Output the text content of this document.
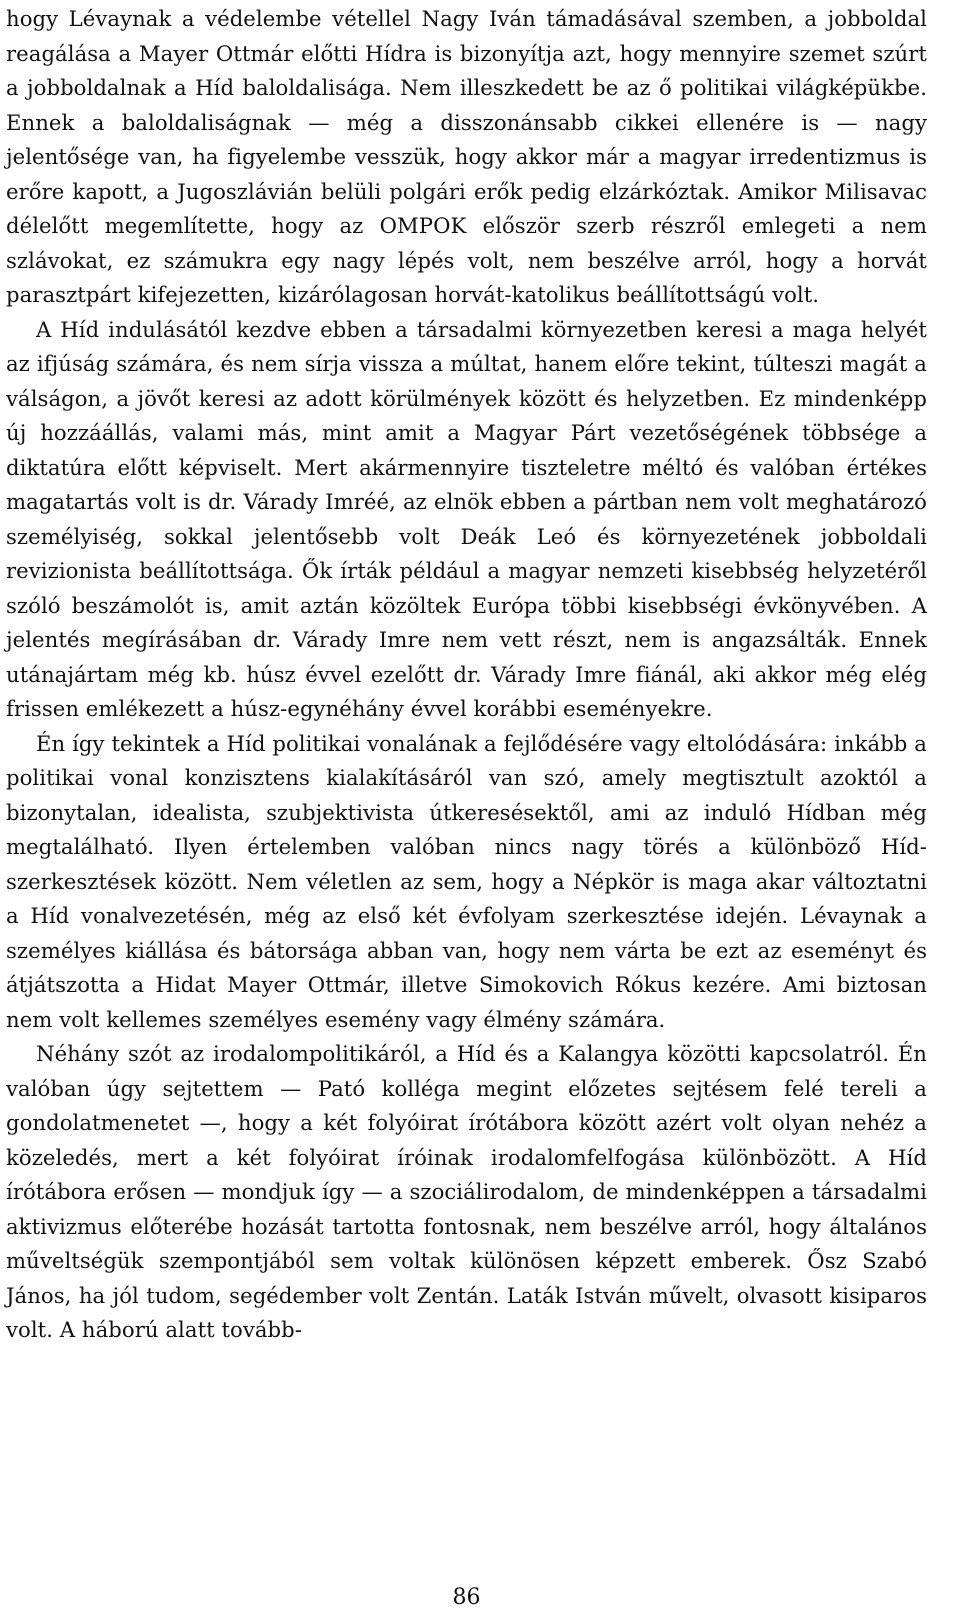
hogy Lévaynak a védelembe vétellel Nagy Iván támadásával szemben, a jobboldal reagálása a Mayer Ottmár előtti Hídra is bizonyítja azt, hogy mennyire szemet szúrt a jobboldalnak a Híd baloldalisága. Nem illeszkedett be az ő politikai világképükbe. Ennek a baloldaliságnak — még a disszonánsabb cikkei ellenére is — nagy jelentősége van, ha figyelembe vesszük, hogy akkor már a magyar irredentizmus is erőre kapott, a Jugoszlávián belüli polgári erők pedig elzárkóztak. Amikor Milisavac délelőtt megemlítette, hogy az OMPOK először szerb részről emlegeti a nem szlávokat, ez számukra egy nagy lépés volt, nem beszélve arról, hogy a horvát parasztpárt kifejezetten, kizárólagosan horvát-katolikus beállítottságú volt.

A Híd indulásától kezdve ebben a társadalmi környezetben keresi a maga helyét az ifjúság számára, és nem sírja vissza a múltat, hanem előre tekint, túlteszi magát a válságon, a jövőt keresi az adott körülmények között és helyzetben. Ez mindenképp új hozzáállás, valami más, mint amit a Magyar Párt vezetőségének többsége a diktatúra előtt képviselt. Mert akármennyire tiszteletre méltó és valóban értékes magatartás volt is dr. Várady Imréé, az elnök ebben a pártban nem volt meghatározó személyiség, sokkal jelentősebb volt Deák Leó és környezetének jobboldali revizionista beállítottsága. Ők írták például a magyar nemzeti kisebbség helyzetéről szóló beszámolót is, amit aztán közöltek Európa többi kisebbségi évkönyvében. A jelentés megírásában dr. Várady Imre nem vett részt, nem is angazsálták. Ennek utánajártam még kb. húsz évvel ezelőtt dr. Várady Imre fiánál, aki akkor még elég frissen emlékezett a húsz-egynéhány évvel korábbi eseményekre.

Én így tekintek a Híd politikai vonalának a fejlődésére vagy eltolódására: inkább a politikai vonal konzisztens kialakításáról van szó, amely megtisztult azoktól a bizonytalan, idealista, szubjektivista útkeresésektől, ami az induló Hídban még megtalálható. Ilyen értelemben valóban nincs nagy törés a különböző Híd-szerkesztések között. Nem véletlen az sem, hogy a Népkör is maga akar változtatni a Híd vonalvezetésén, még az első két évfolyam szerkesztése idején. Lévaynak a személyes kiállása és bátorsága abban van, hogy nem várta be ezt az eseményt és átjátszotta a Hidat Mayer Ottmár, illetve Simokovich Rókus kezére. Ami biztosan nem volt kellemes személyes esemény vagy élmény számára.

Néhány szót az irodalompolitikáról, a Híd és a Kalangya közötti kapcsolatról. Én valóban úgy sejtettem — Pató kolléga megint előzetes sejtésem felé tereli a gondolatmenetet —, hogy a két folyóirat írótábora között azért volt olyan nehéz a közeledés, mert a két folyóirat íróinak irodalomfelfogása különbözött. A Híd írótábora erősen — mondjuk így — a szociálirodalom, de mindenképpen a társadalmi aktivizmus előterébe hozását tartotta fontosnak, nem beszélve arról, hogy általános műveltségük szempontjából sem voltak különösen képzett emberek. Ősz Szabó János, ha jól tudom, segédember volt Zentán. Laták István művelt, olvasott kisiparos volt. A háború alatt tovább-

86
